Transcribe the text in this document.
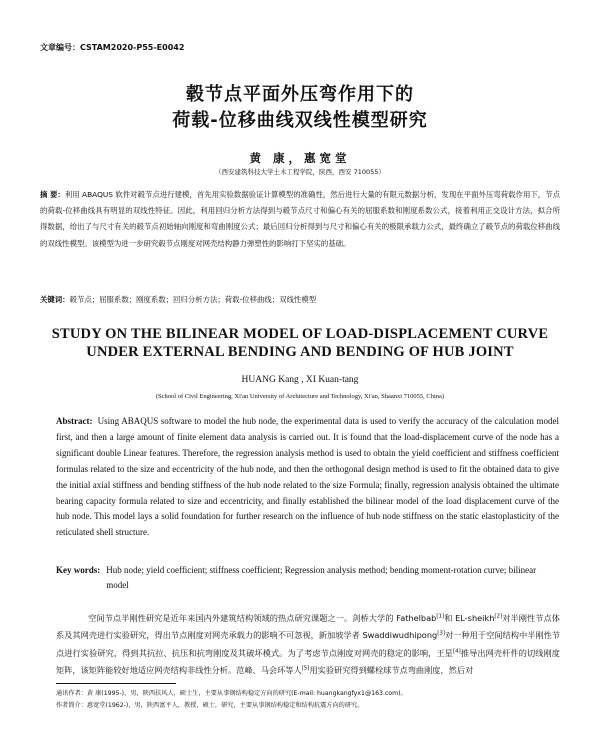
文章编号：CSTAM2020-P55-E0042
毂节点平面外压弯作用下的
荷载-位移曲线双线性模型研究
黄 康，惠宽堂
（西安建筑科技大学土木工程学院，陕西，西安 710055）
摘 要：利用 ABAQUS 软件对毂节点进行建模，首先用实验数据验证计算模型的准确性，然后进行大量的有限元数据分析，发现在平面外压弯荷载作用下，节点的荷载-位移曲线具有明显的双线性特征。因此，利用回归分析方法得到与毂节点尺寸和偏心有关的屈服系数和刚度系数公式，接着利用正交设计方法，拟合所得数据，给出了与尺寸有关的毂节点初始轴向刚度和弯曲刚度公式；最后回归分析得到与尺寸和偏心有关的极限承载力公式，最终确立了毂节点的荷载位移曲线的双线性模型。该模型为进一步研究毂节点刚度对网壳结构静力弹塑性的影响打下坚实的基础。
关键词：毂节点；屈服系数；刚度系数；回归分析方法；荷载-位移曲线；双线性模型
STUDY ON THE BILINEAR MODEL OF LOAD-DISPLACEMENT CURVE
UNDER EXTERNAL BENDING AND BENDING OF HUB JOINT
HUANG Kang , XI Kuan-tang
(School of Civil Engineering, Xi'an University of Architecture and Technology, Xi'an, Shaanxi 710055, China)
Abstract: Using ABAQUS software to model the hub node, the experimental data is used to verify the accuracy of the calculation model first, and then a large amount of finite element data analysis is carried out. It is found that the load-displacement curve of the node has a significant double Linear features. Therefore, the regression analysis method is used to obtain the yield coefficient and stiffness coefficient formulas related to the size and eccentricity of the hub node, and then the orthogonal design method is used to fit the obtained data to give the initial axial stiffness and bending stiffness of the hub node related to the size Formula; finally, regression analysis obtained the ultimate bearing capacity formula related to size and eccentricity, and finally established the bilinear model of the load displacement curve of the hub node. This model lays a solid foundation for further research on the influence of hub node stiffness on the static elastoplasticity of the reticulated shell structure.
Key words: Hub node; yield coefficient; stiffness coefficient; Regression analysis method; bending moment-rotation curve; bilinear model
空间节点半刚性研究是近年来国内外建筑结构领域的热点研究课题之一。剑桥大学的 Fathelbab[1]和 EL-sheikh[2]对半刚性节点体系及其网壳进行实验研究，得出节点刚度对网壳承载力的影响不可忽视，新加坡学者 Swaddiwudhipong[3]对一种用于空间结构中半刚性节点进行实验研究，得到其抗拉、抗压和抗弯刚度及其破坏模式。为了考虑节点刚度对网壳的稳定的影响，王星[4]推导出网壳杆件的切线刚度矩阵，该矩阵能较好地适应网壳结构非线性分析。范峰、马会环等人[5]用实验研究得到螺栓球节点弯曲刚度，然后对
通讯作者：黄 康(1995-)，男，陕西扶风人，硕士生，主要从事钢结构稳定方向的研究(E-mail: huangkangfyx1@163.com)。
作者简介：惠宽堂(1962-)，男，陕西富平人，教授，硕士，研究，主要从事钢结构稳定和结构抗震方向的研究。
